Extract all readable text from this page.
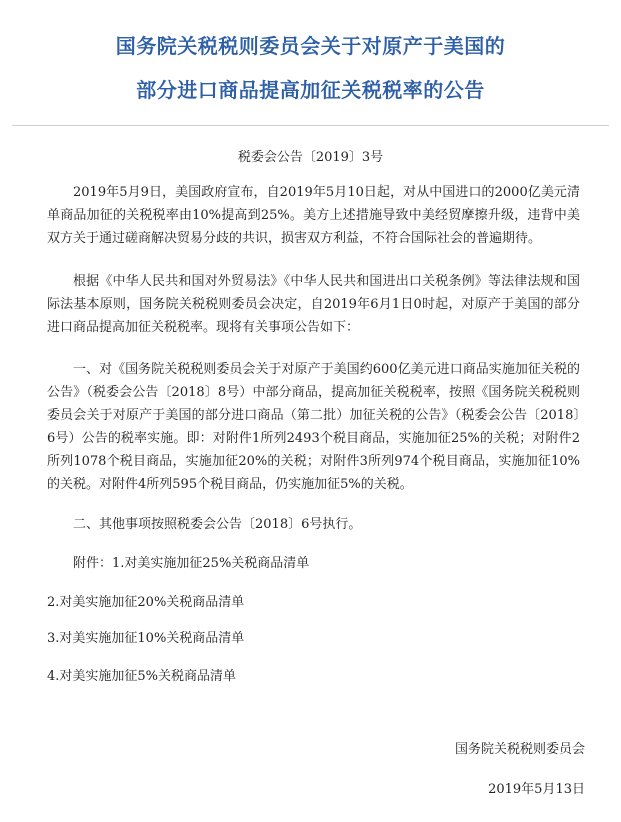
国务院关税税则委员会关于对原产于美国的
部分进口商品提高加征关税税率的公告
税委会公告〔2019〕3号

2019年5月9日，美国政府宣布，自2019年5月10日起，对从中国进口的2000亿美元清单商品加征的关税税率由10%提高到25%。美方上述措施导致中美经贸摩擦升级，违背中美双方关于通过磋商解决贸易分歧的共识，损害双方利益，不符合国际社会的普遍期待。

根据《中华人民共和国对外贸易法》《中华人民共和国进出口关税条例》等法律法规和国际法基本原则，国务院关税税则委员会决定，自2019年6月1日0时起，对原产于美国的部分进口商品提高加征关税税率。现将有关事项公告如下：

一、对《国务院关税税则委员会关于对原产于美国约600亿美元进口商品实施加征关税的公告》（税委会公告〔2018〕8号）中部分商品，提高加征关税税率，按照《国务院关税税则委员会关于对原产于美国的部分进口商品（第二批）加征关税的公告》（税委会公告〔2018〕6号）公告的税率实施。即：对附件1所列2493个税目商品，实施加征25%的关税；对附件2所列1078个税目商品，实施加征20%的关税；对附件3所列974个税目商品，实施加征10%的关税。对附件4所列595个税目商品，仍实施加征5%的关税。

二、其他事项按照税委会公告〔2018〕6号执行。
附件：1.对美实施加征25%关税商品清单
2.对美实施加征20%关税商品清单
3.对美实施加征10%关税商品清单
4.对美实施加征5%关税商品清单
国务院关税税则委员会
2019年5月13日
